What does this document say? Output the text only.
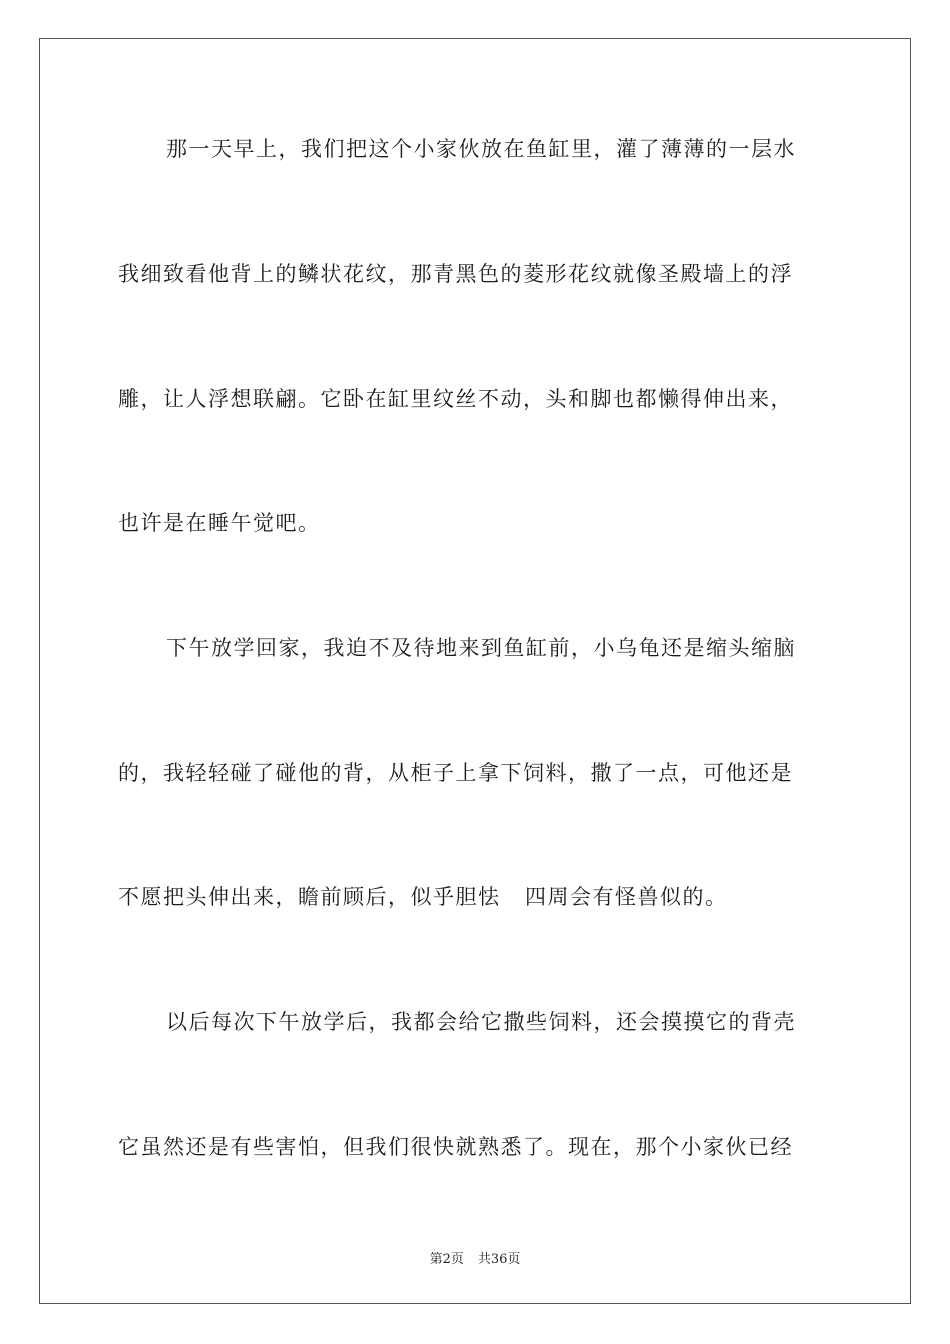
那一天早上，我们把这个小家伙放在鱼缸里，灌了薄薄的一层水
我细致看他背上的鳞状花纹，那青黑色的菱形花纹就像圣殿墙上的浮
雕，让人浮想联翩。它卧在缸里纹丝不动，头和脚也都懒得伸出来，
也许是在睡午觉吧。
下午放学回家，我迫不及待地来到鱼缸前，小乌龟还是缩头缩脑
的，我轻轻碰了碰他的背，从柜子上拿下饲料，撒了一点，可他还是
不愿把头伸出来，瞻前顾后，似乎胆怯   四周会有怪兽似的。
以后每次下午放学后，我都会给它撒些饲料，还会摸摸它的背壳
它虽然还是有些害怕，但我们很快就熟悉了。现在，那个小家伙已经
第2页 共36页
